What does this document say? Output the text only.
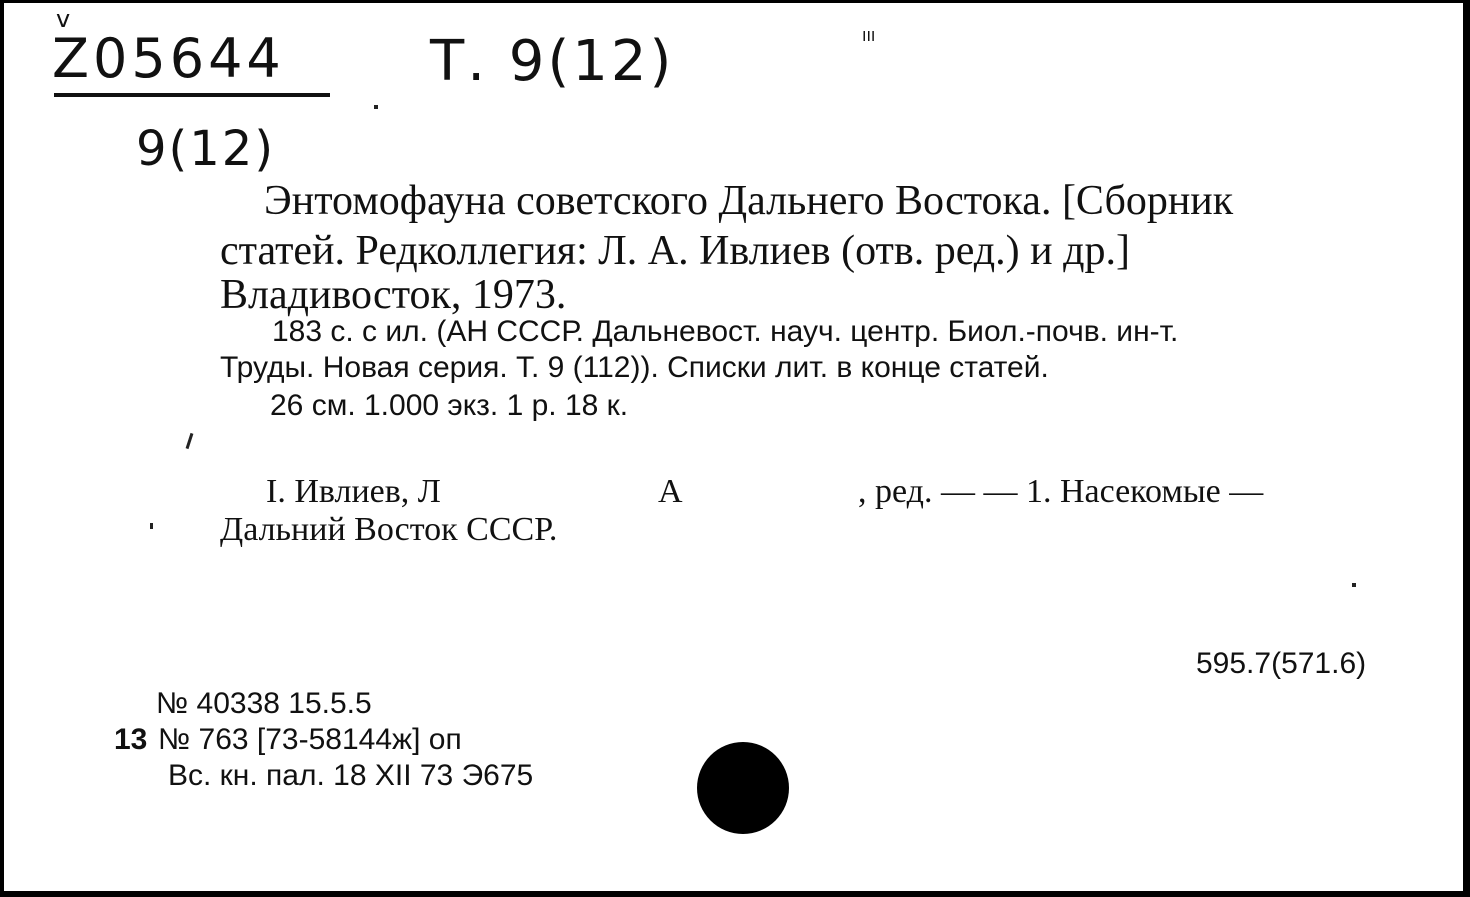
v
Z05644	Т. 9(12)	ᴵᴵᴵ
9(12)
Энтомофауна советского Дальнего Востока. [Сборник
статей. Редколлегия: Л. А. Ивлиев (отв. ред.) и др.]
Владивосток, 1973.
183 с. с ил. (АН СССР. Дальневост. науч. центр. Биол.-почв. ин-т.
Труды. Новая серия. Т. 9 (112)). Списки лит. в конце статей.
26 см. 1.000 экз. 1 р. 18 к.
I. Ивлиев, Л	А	, ред. — — 1. Насекомые —
Дальний Восток СССР.
595.7(571.6)
№ 40338 15.5.5
13 № 763 [73-58144ж] оп
Вс. кн. пал. 18 XII 73 Э675
